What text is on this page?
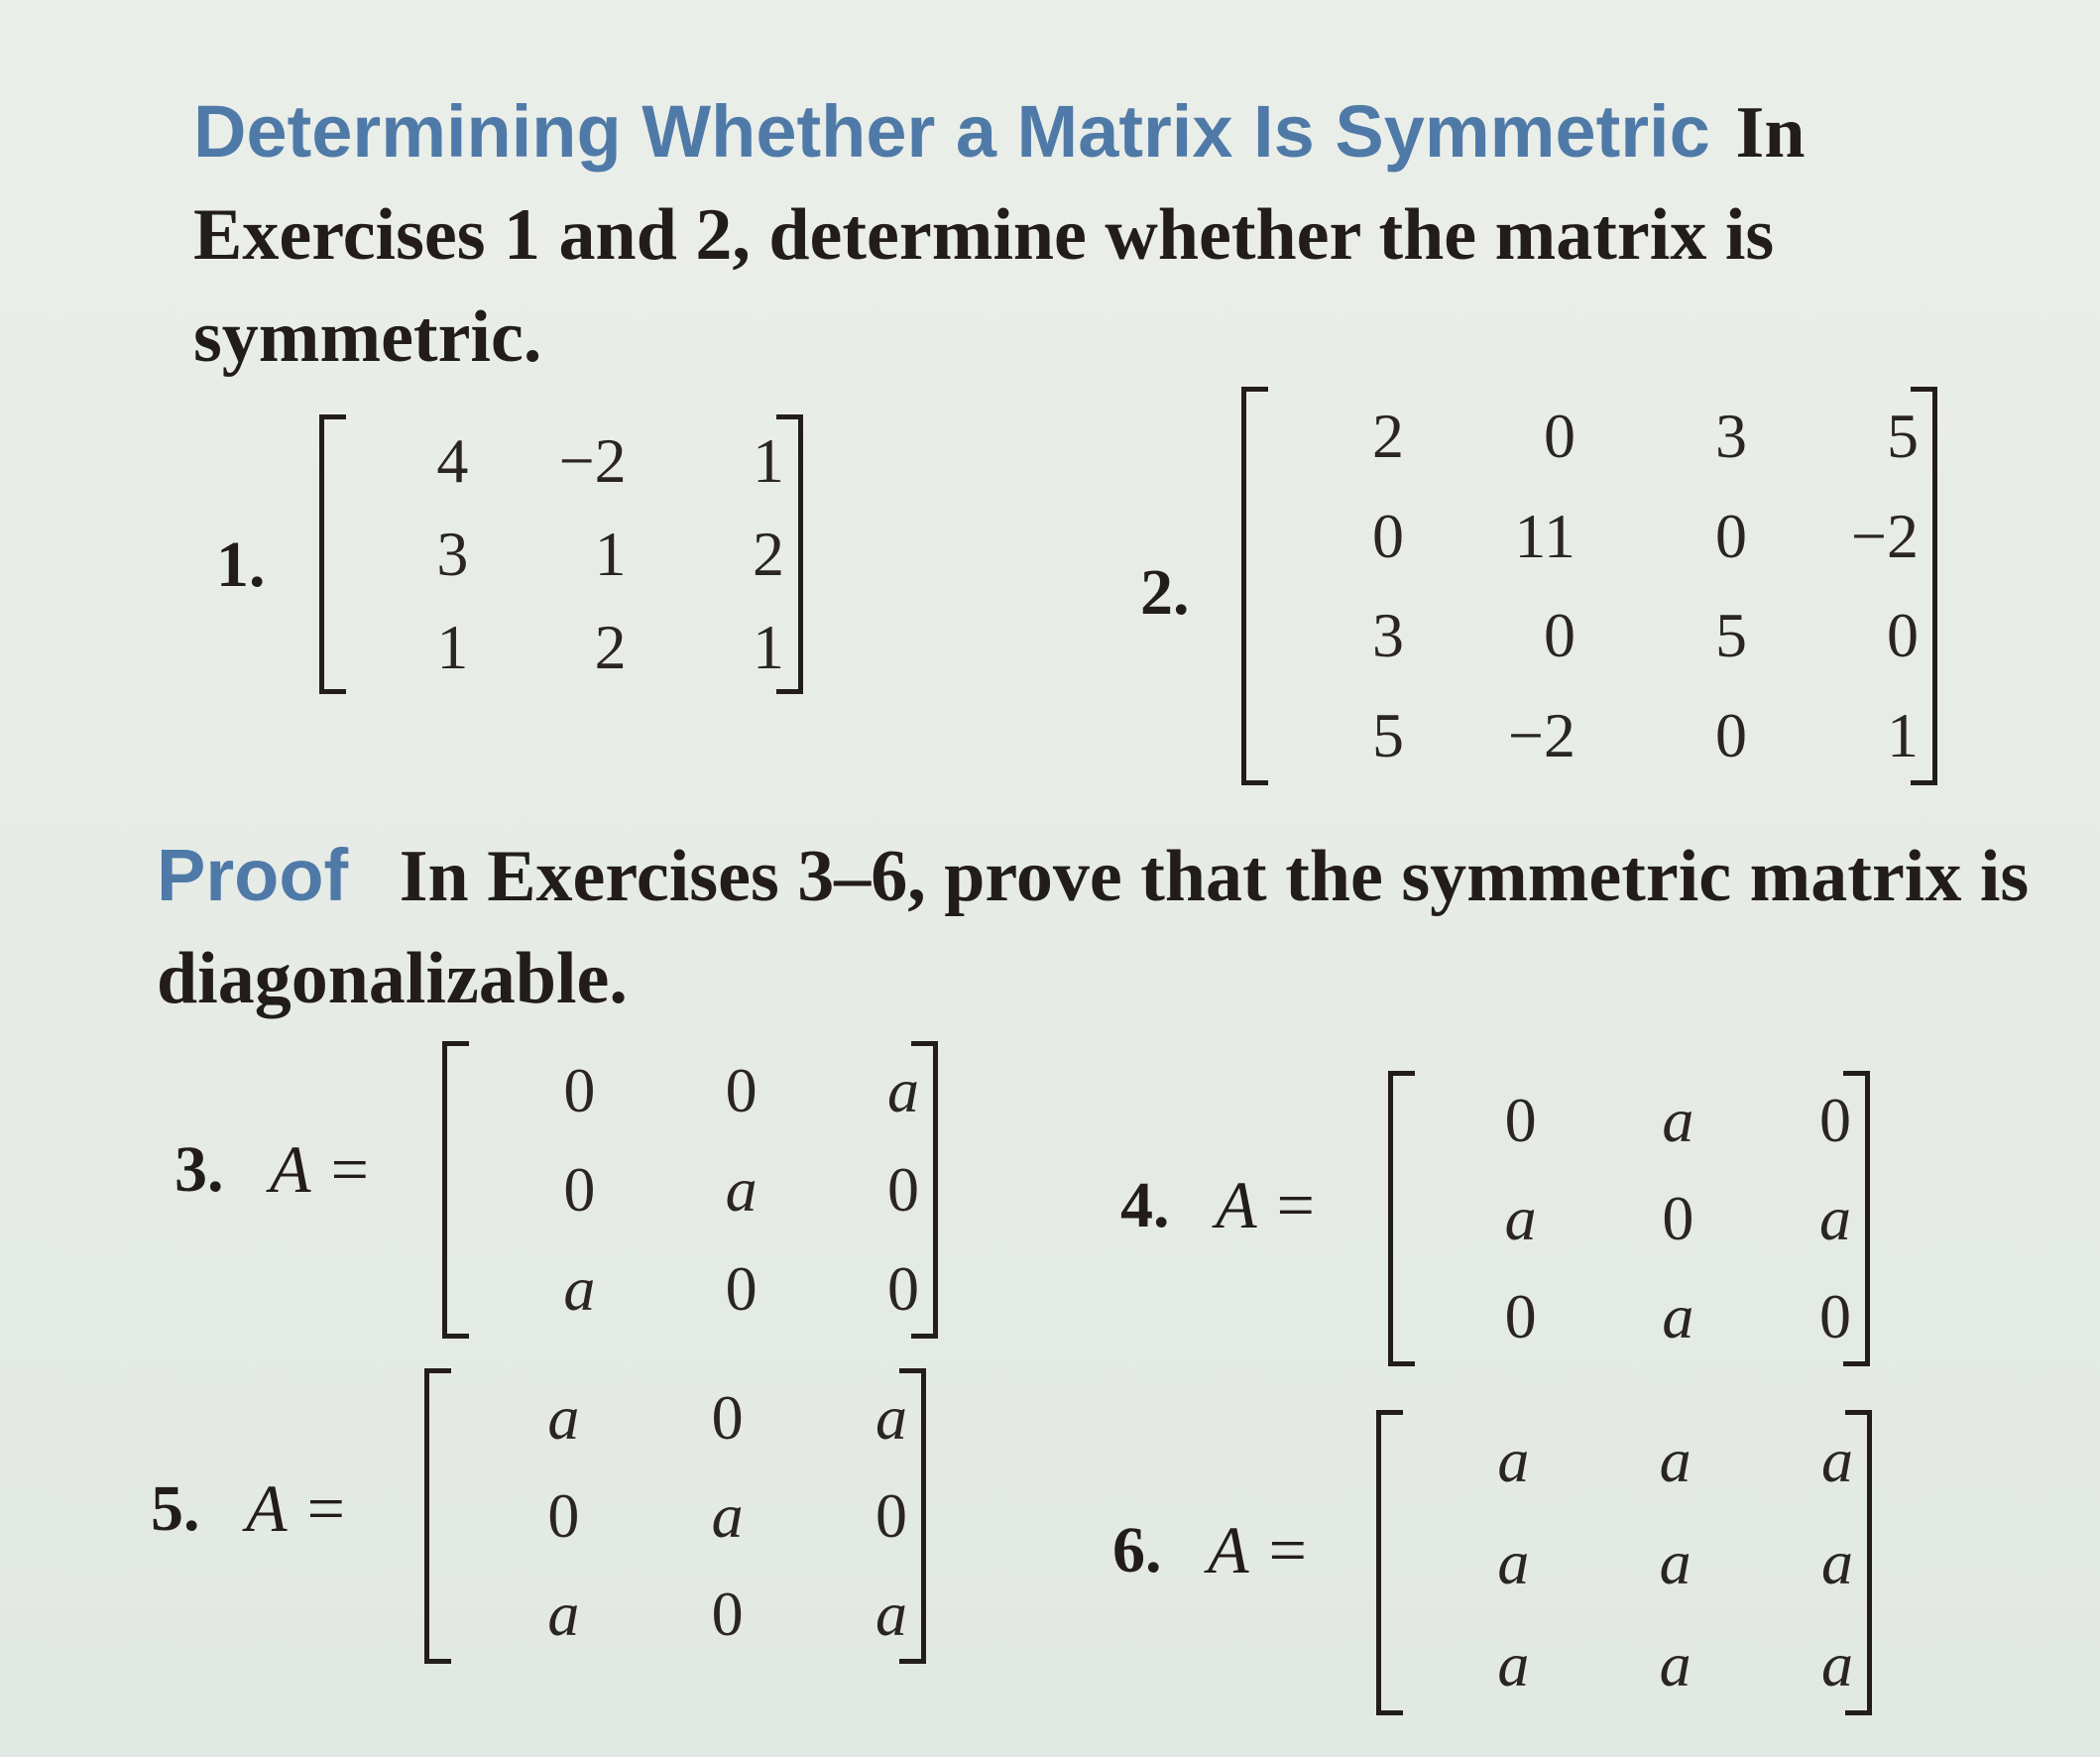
Determining Whether a Matrix Is Symmetric In Exercises 1 and 2, determine whether the matrix is symmetric.
1.
4	−2	1
3	1	2
1	2	1
2.
2	0	3	5
0	11	0	−2
3	0	5	0
5	−2	0	1
Proof In Exercises 3–6, prove that the symmetric matrix is diagonalizable.
3. A =
0	0	a
0	a	0
a	0	0
4. A =
0	a	0
a	0	a
0	a	0
5. A =
a	0	a
0	a	0
a	0	a
6. A =
a	a	a
a	a	a
a	a	a
